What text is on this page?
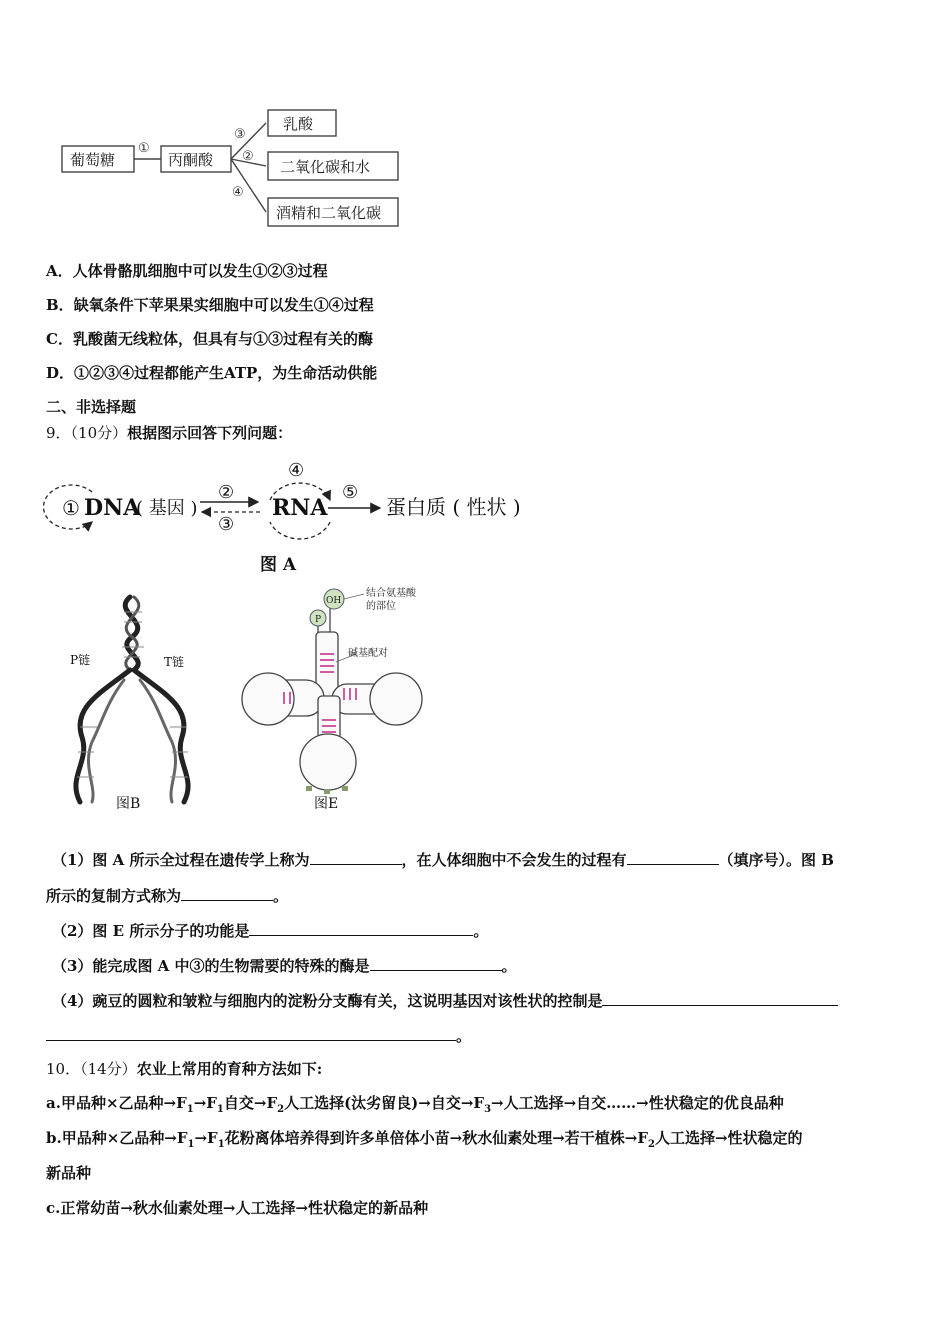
葡萄糖
①
丙酮酸
③
②
④
乳酸
二氧化碳和水
酒精和二氧化碳
A．人体骨骼肌细胞中可以发生①②③过程
B．缺氧条件下苹果果实细胞中可以发生①④过程
C．乳酸菌无线粒体，但具有与①③过程有关的酶
D．①②③④过程都能产生ATP，为生命活动供能
二、非选择题
9．（10分）根据图示回答下列问题：
① DNA
( 基因 )
②
③
④
RNA
⑤
蛋白质 ( 性状 )
图 A
P链	T链
图B
OH
P
结合氨基酸
的部位
碱基配对
图E
（1）图 A 所示全过程在遗传学上称为	，在人体细胞中不会发生的过程有	（填序号）。图 B
所示的复制方式称为	。
（2）图 E 所示分子的功能是	。
（3）能完成图 A 中③的生物需要的特殊的酶是	。
（4）豌豆的圆粒和皱粒与细胞内的淀粉分支酶有关，这说明基因对该性状的控制是
。
10．（14分）农业上常用的育种方法如下:
a.甲品种×乙品种$\to F_1\to F_1$自交$\to F_2$人工选择(汰劣留良)→自交$\to F_3\to$人工选择→自交……→性状稳定的优良品种
b.甲品种×乙品种$\to F_1\to F_1$花粉离体培养得到许多单倍体小苗→秋水仙素处理→若干植株$\to F_2$人工选择→性状稳定的
新品种
c.正常幼苗→秋水仙素处理→人工选择→性状稳定的新品种
